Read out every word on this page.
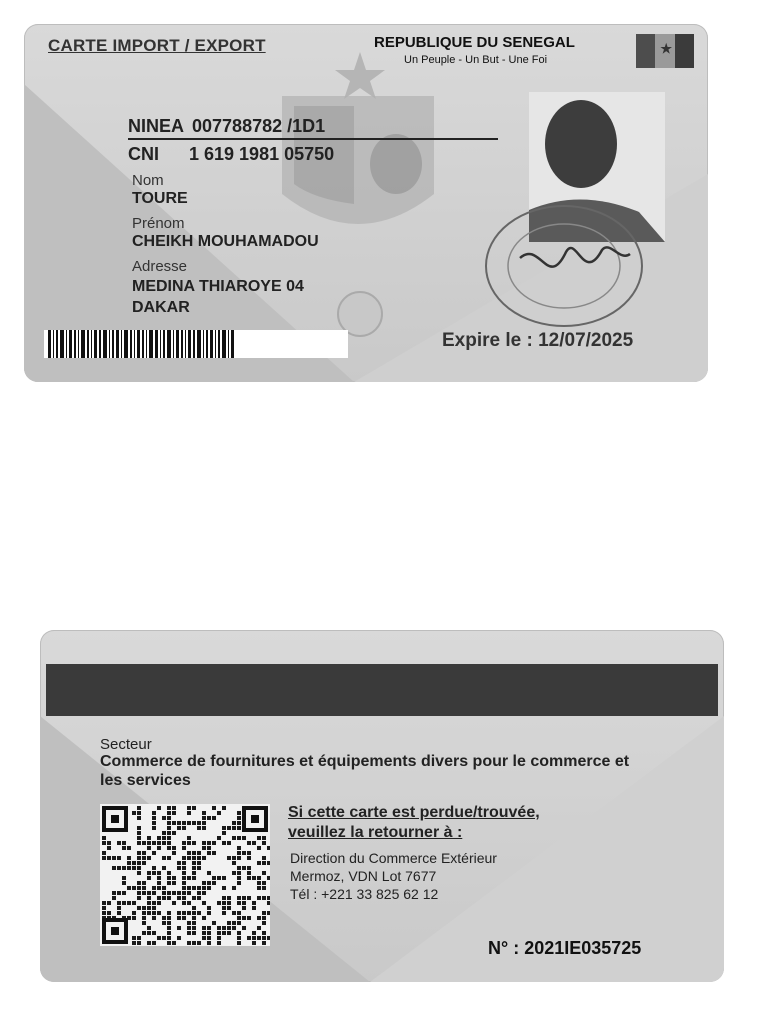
CARTE IMPORT / EXPORT	REPUBLIQUE DU SENEGAL
Un Peuple - Un But - Une Foi
★
NINEA 007788782 /1D1
CNI 1 619 1981 05750
Nom
TOURE
Prénom
CHEIKH MOUHAMADOU
Adresse
MEDINA THIAROYE 04
DAKAR
Expire le : 12/07/2025
Secteur
Commerce de fournitures et équipements divers pour le commerce et les services
Si cette carte est perdue/trouvée,
veuillez la retourner à :
Direction du Commerce Extérieur
Mermoz, VDN Lot 7677
Tél : +221 33 825 62 12
N° : 2021IE035725
